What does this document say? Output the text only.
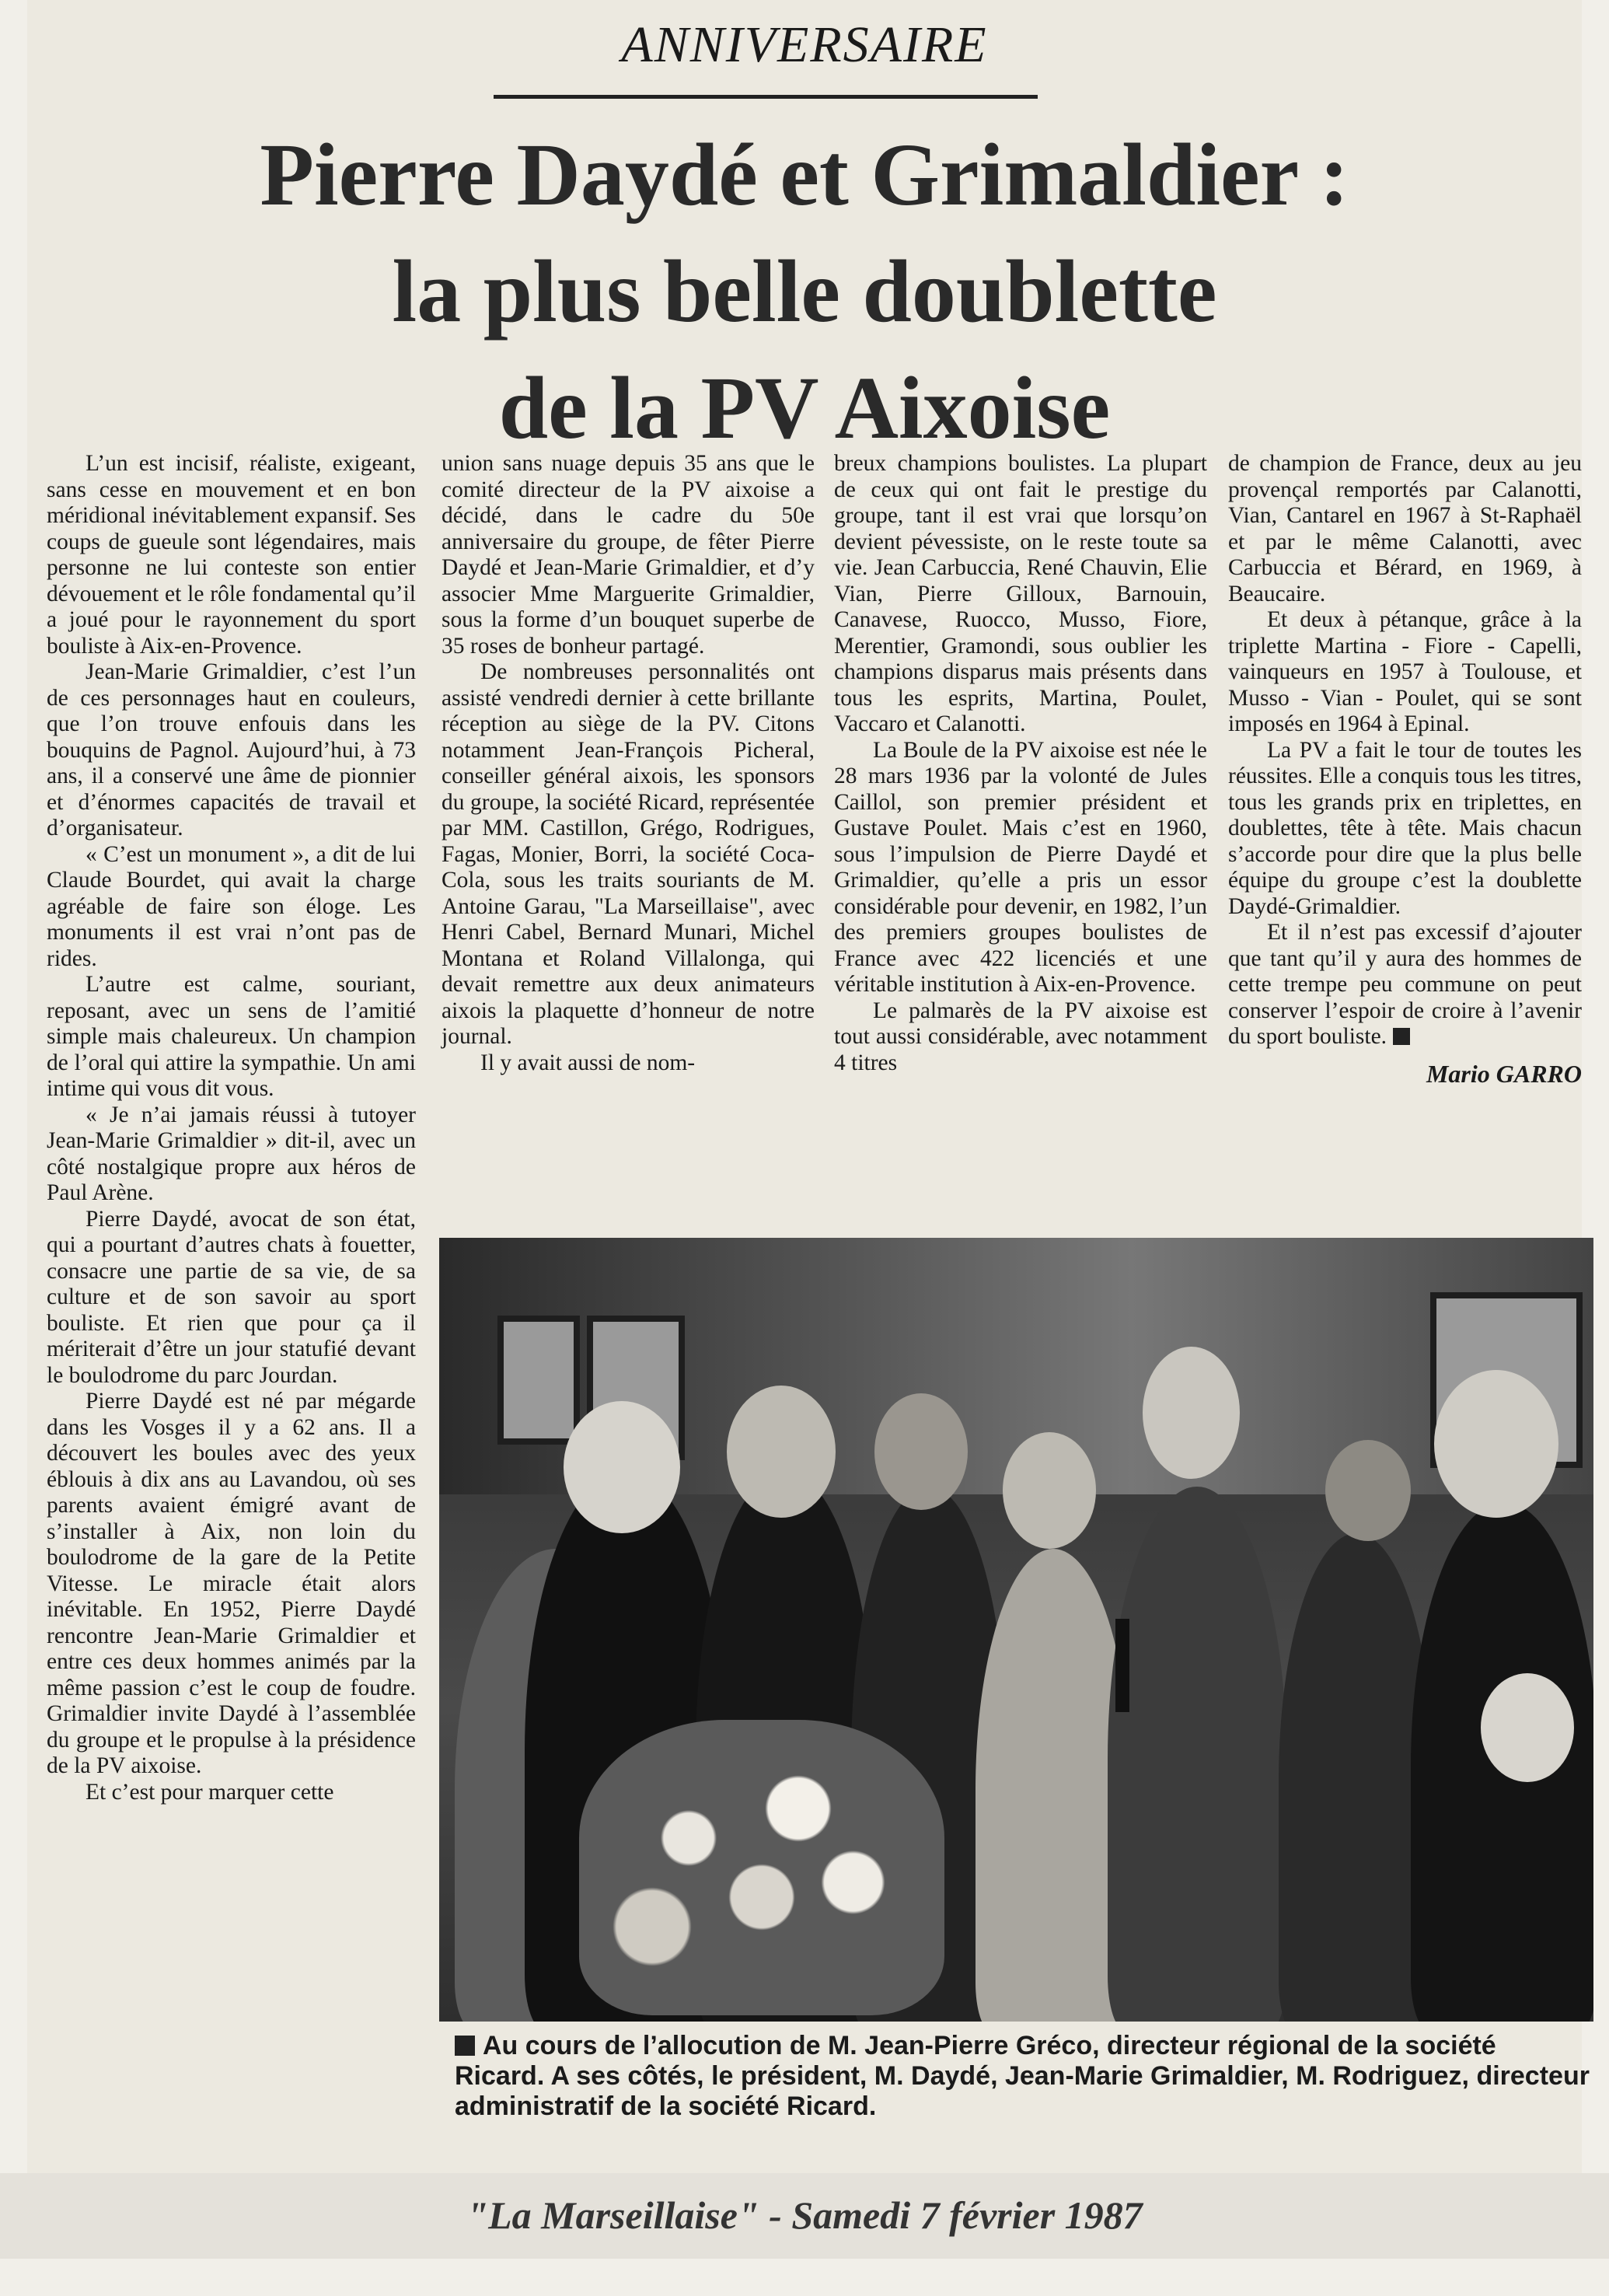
ANNIVERSAIRE
Pierre Daydé et Grimaldier :
la plus belle doublette
de la PV Aixoise

L’un est incisif, réaliste, exigeant, sans cesse en mouvement et en bon méridional inévitablement expansif. Ses coups de gueule sont légendaires, mais personne ne lui conteste son entier dévouement et le rôle fondamental qu’il a joué pour le rayonnement du sport bouliste à Aix-en-Provence.

Jean-Marie Grimaldier, c’est l’un de ces personnages haut en couleurs, que l’on trouve enfouis dans les bouquins de Pagnol. Aujourd’hui, à 73 ans, il a conservé une âme de pionnier et d’énormes capacités de travail et d’organisateur.

« C’est un monument », a dit de lui Claude Bourdet, qui avait la charge agréable de faire son éloge. Les monuments il est vrai n’ont pas de rides.

L’autre est calme, souriant, reposant, avec un sens de l’amitié simple mais chaleureux. Un champion de l’oral qui attire la sympathie. Un ami intime qui vous dit vous.

« Je n’ai jamais réussi à tutoyer Jean-Marie Grimaldier » dit-il, avec un côté nostalgique propre aux héros de Paul Arène.

Pierre Daydé, avocat de son état, qui a pourtant d’autres chats à fouetter, consacre une partie de sa vie, de sa culture et de son savoir au sport bouliste. Et rien que pour ça il mériterait d’être un jour statufié devant le boulodrome du parc Jourdan.

Pierre Daydé est né par mégarde dans les Vosges il y a 62 ans. Il a découvert les boules avec des yeux éblouis à dix ans au Lavandou, où ses parents avaient émigré avant de s’installer à Aix, non loin du boulodrome de la gare de la Petite Vitesse. Le miracle était alors inévitable. En 1952, Pierre Daydé rencontre Jean-Marie Grimaldier et entre ces deux hommes animés par la même passion c’est le coup de foudre. Grimaldier invite Daydé à l’assemblée du groupe et le propulse à la présidence de la PV aixoise.

Et c’est pour marquer cette

union sans nuage depuis 35 ans que le comité directeur de la PV aixoise a décidé, dans le cadre du 50e anniversaire du groupe, de fêter Pierre Daydé et Jean-Marie Grimaldier, et d’y associer Mme Marguerite Grimaldier, sous la forme d’un bouquet superbe de 35 roses de bonheur partagé.

De nombreuses personnalités ont assisté vendredi dernier à cette brillante réception au siège de la PV. Citons notamment Jean-François Picheral, conseiller général aixois, les sponsors du groupe, la société Ricard, représentée par MM. Castillon, Grégo, Rodrigues, Fagas, Monier, Borri, la société Coca-Cola, sous les traits souriants de M. Antoine Garau, "La Marseillaise", avec Henri Cabel, Bernard Munari, Michel Montana et Roland Villalonga, qui devait remettre aux deux animateurs aixois la plaquette d’honneur de notre journal.

Il y avait aussi de nom-

breux champions boulistes. La plupart de ceux qui ont fait le prestige du groupe, tant il est vrai que lorsqu’on devient pévessiste, on le reste toute sa vie. Jean Carbuccia, René Chauvin, Elie Vian, Pierre Gilloux, Barnouin, Canavese, Ruocco, Musso, Fiore, Merentier, Gramondi, sous oublier les champions disparus mais présents dans tous les esprits, Martina, Poulet, Vaccaro et Calanotti.

La Boule de la PV aixoise est née le 28 mars 1936 par la volonté de Jules Caillol, son premier président et Gustave Poulet. Mais c’est en 1960, sous l’impulsion de Pierre Daydé et Grimaldier, qu’elle a pris un essor considérable pour devenir, en 1982, l’un des premiers groupes boulistes de France avec 422 licenciés et une véritable institution à Aix-en-Provence.

Le palmarès de la PV aixoise est tout aussi considérable, avec notamment 4 titres

de champion de France, deux au jeu provençal remportés par Calanotti, Vian, Cantarel en 1967 à St-Raphaël et par le même Calanotti, avec Carbuccia et Bérard, en 1969, à Beaucaire.

Et deux à pétanque, grâce à la triplette Martina - Fiore - Capelli, vainqueurs en 1957 à Toulouse, et Musso - Vian - Poulet, qui se sont imposés en 1964 à Epinal.

La PV a fait le tour de toutes les réussites. Elle a conquis tous les titres, tous les grands prix en triplettes, en doublettes, tête à tête. Mais chacun s’accorde pour dire que la plus belle équipe du groupe c’est la doublette Daydé-Grimaldier.

Et il n’est pas excessif d’ajouter que tant qu’il y aura des hommes de cette trempe peu commune on peut conserver l’espoir de croire à l’avenir du sport bouliste.

Mario GARRO
Au cours de l’allocution de M. Jean-Pierre Gréco, directeur régional de la société Ricard. A ses côtés, le président, M. Daydé, Jean-Marie Grimaldier, M. Rodriguez, directeur administratif de la société Ricard.
"La Marseillaise" - Samedi 7 février 1987
